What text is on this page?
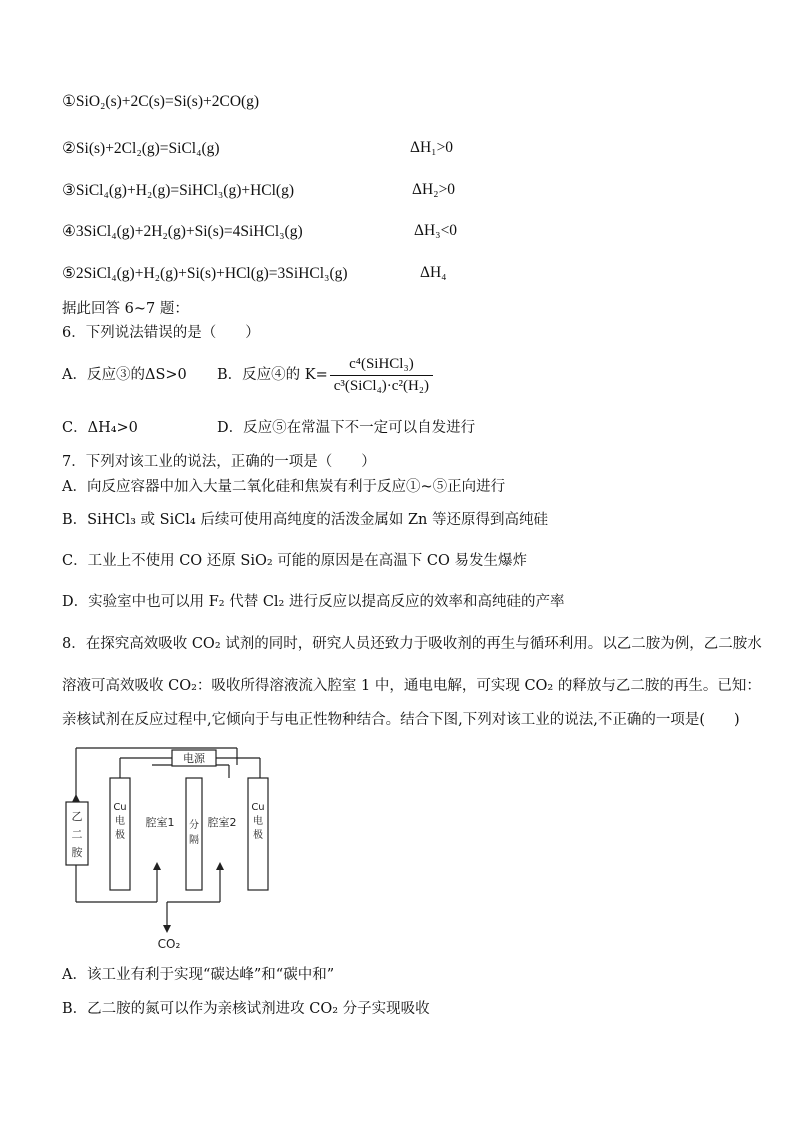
①SiO₂(s)+2C(s)=Si(s)+2CO(g)
②Si(s)+2Cl₂(g)=SiCl₄(g)	ΔH₁>0
③SiCl₄(g)+H₂(g)=SiHCl₃(g)+HCl(g)	ΔH₂>0
④3SiCl₄(g)+2H₂(g)+Si(s)=4SiHCl₃(g)	ΔH₃<0
⑤2SiCl₄(g)+H₂(g)+Si(s)+HCl(g)=3SiHCl₃(g)	ΔH₄
据此回答 6~7 题：
6．下列说法错误的是（　　）
A．反应③的ΔS>0 B．反应④的 $K= \frac{\text{c⁴(SiHCl₃)}}{\text{c³(SiCl₄)·c²(H₂)}}$
C．ΔH₄>0	D．反应⑤在常温下不一定可以自发进行
7．下列对该工业的说法，正确的一项是（　　）
A．向反应容器中加入大量二氧化硅和焦炭有利于反应①~⑤正向进行
B．SiHCl₃ 或 SiCl₄ 后续可使用高纯度的活泼金属如 Zn 等还原得到高纯硅
C．工业上不使用 CO 还原 SiO₂ 可能的原因是在高温下 CO 易发生爆炸
D．实验室中也可以用 F₂ 代替 Cl₂ 进行反应以提高反应的效率和高纯硅的产率
8．在探究高效吸收 CO₂ 试剂的同时，研究人员还致力于吸收剂的再生与循环利用。以乙二胺为例，乙二胺水
溶液可高效吸收 CO₂：吸收所得溶液流入腔室 1 中，通电电解，可实现 CO₂ 的释放与乙二胺的再生。已知：
亲核试剂在反应过程中,它倾向于与电正性物种结合。结合下图,下列对该工业的说法,不正确的一项是(　　)
电源
乙
二
胺
Cu
电
极
腔室1 分
隔
腔室2
Cu
电
极
CO₂
A．该工业有利于实现“碳达峰”和“碳中和”
B．乙二胺的氮可以作为亲核试剂进攻 CO₂ 分子实现吸收
